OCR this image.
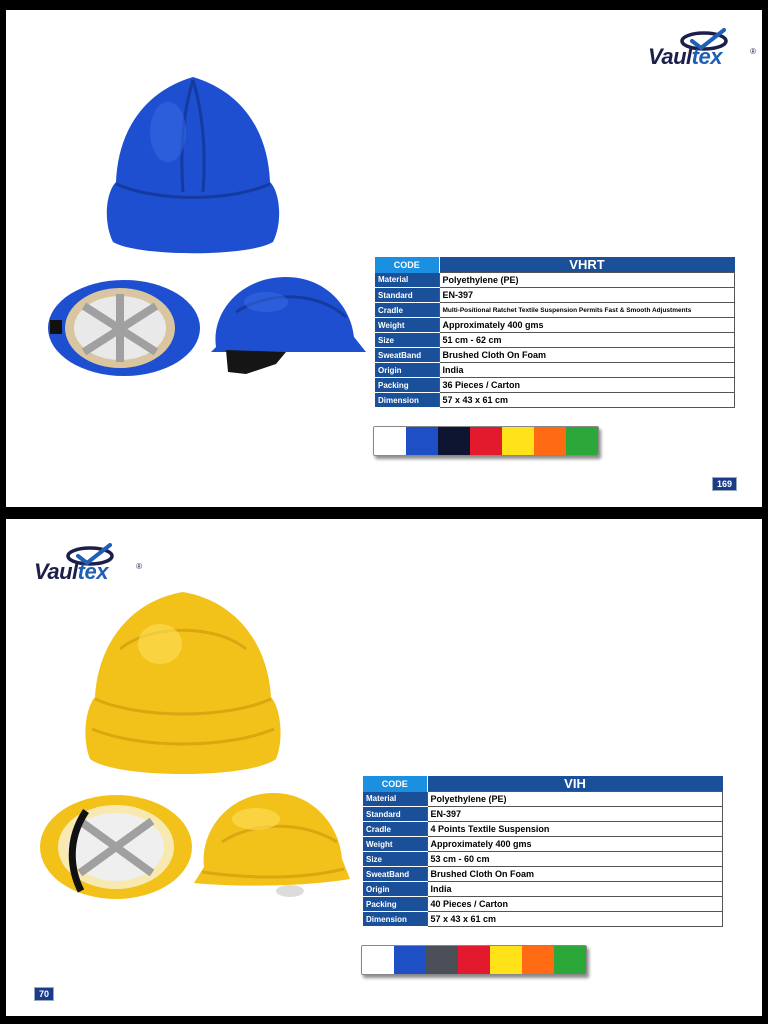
Vaultex	®
CODE	VHRT
Material	Polyethylene (PE)
Standard	EN-397
Cradle	Multi-Positional Ratchet Textile Suspension Permits Fast & Smooth Adjustments
Weight	Approximately 400 gms
Size	51 cm - 62 cm
SweatBand	Brushed Cloth On Foam
Origin	India
Packing	36 Pieces / Carton
Dimension	57 x 43 x 61 cm
169
Vaultex	®
CODE	VIH
Material	Polyethylene (PE)
Standard	EN-397
Cradle	4 Points Textile Suspension
Weight	Approximately 400 gms
Size	53 cm - 60 cm
SweatBand	Brushed Cloth On Foam
Origin	India
Packing	40 Pieces / Carton
Dimension	57 x 43 x 61 cm
70
